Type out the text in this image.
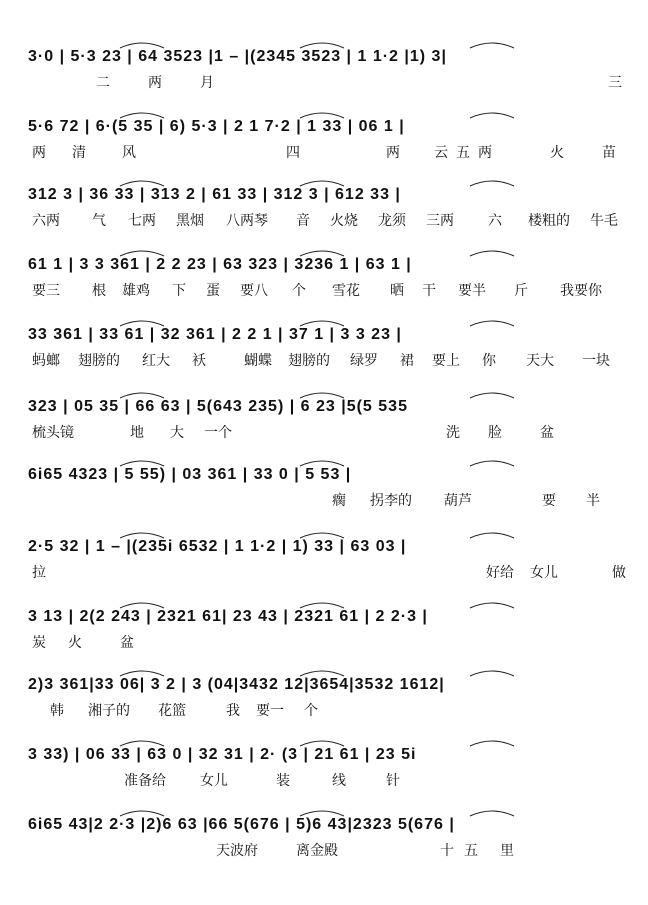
3·0 | 5·3 23 | 64 3523 |1 – |(2345 3523 | 1 1·2 |1) 3|
二	两	月	三
5·6 72 | 6·(5 35 | 6) 5·3 | 2 1 7·2 | 1 33 | 06 1 |
两 清	风	四	两 云 五 两	火	苗
312 3 | 36 33 | 313 2 | 61 33 | 312 3 | 612 33 |
六两 气 七两 黑烟 八两琴 音 火烧 龙须 三两 六 楼粗的 牛毛
61 1 | 3 3 361 | 2 2 23 | 63 323 | 3236 1 | 63 1 |
要三 根 雄鸡 下 蛋 要八 个 雪花 晒 干 要半 斤 我要你
33 361 | 33 61 | 32 361 | 2 2 1 | 37 1 | 3 3 23 |
蚂螂 翅膀的 红大 袄	蝴蝶 翅膀的 绿罗 裙 要上 你 天大 一块
323 | 05 35 | 66 63 | 5(643 235) | 6 23 |5(5 535
梳头镜	地 大 一个	洗 脸	盆
6i65 4323 | 5 55) | 03 361 | 33 0 | 5 53 |
瘸 拐李的 葫芦	要 半
2·5 32 | 1 – |(235i 6532 | 1 1·2 | 1) 33 | 63 03 |
拉	好给 女儿	做
3 13 | 2(2 243 | 2321 61| 23 43 | 2321 61 | 2 2·3 |
炭 火	盆
2)3 361|33 06| 3 2 | 3 (04|3432 12|3654|3532 1612|
韩 湘子的 花篮	我 要一 个
3 33) | 06 33 | 63 0 | 32 31 | 2· (3 | 21 61 | 23 5i
准备给 女儿	装	线	针
6i65 43|2 2·3 |2)6 63 |66 5(676 | 5)6 43|2323 5(676 |
天波府	离金殿	十 五 里
